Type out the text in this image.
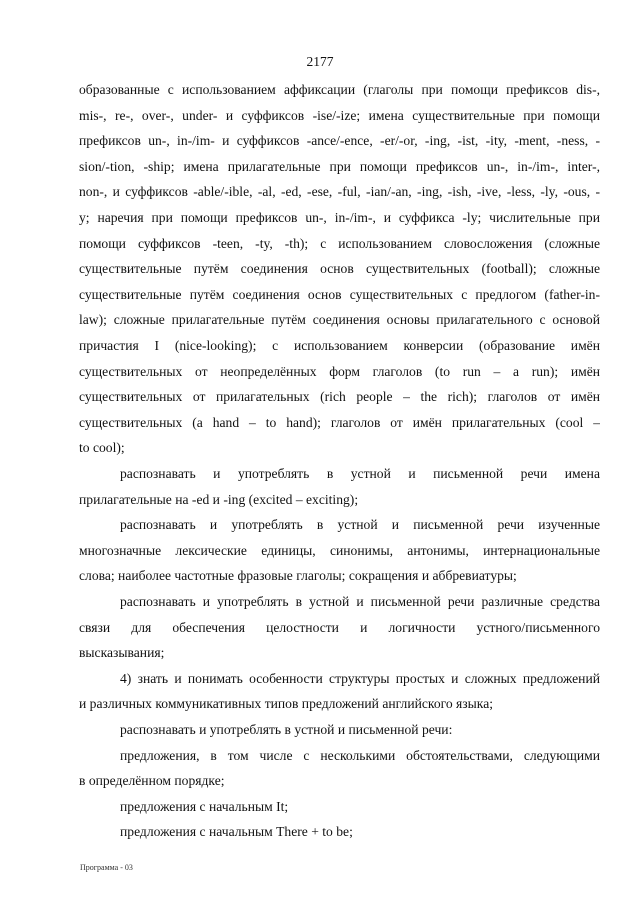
2177
образованные с использованием аффиксации (глаголы при помощи префиксов dis-,
mis-, re-, over-, under- и суффиксов -ise/-ize; имена существительные при помощи
префиксов un-, in-/im- и суффиксов -ance/-ence, -er/-or, -ing, -ist, -ity, -ment, -ness, -
sion/-tion, -ship; имена прилагательные при помощи префиксов un-, in-/im-, inter-,
non-, и суффиксов -able/-ible, -al, -ed, -ese, -ful, -ian/-an, -ing, -ish, -ive, -less, -ly, -ous, -
y; наречия при помощи префиксов un-, in-/im-, и суффикса -ly; числительные при
помощи суффиксов -teen, -ty, -th); с использованием словосложения (сложные
существительные путём соединения основ существительных (football); сложные
существительные путём соединения основ существительных с предлогом (father-in-
law); сложные прилагательные путём соединения основы прилагательного с основой
причастия I (nice-looking); с использованием конверсии (образование имён
существительных от неопределённых форм глаголов (to run – a run); имён
существительных от прилагательных (rich people – the rich); глаголов от имён
существительных (a hand – to hand); глаголов от имён прилагательных (cool –
to cool);
распознавать и употреблять в устной и письменной речи имена
прилагательные на -ed и -ing (excited – exciting);
распознавать и употреблять в устной и письменной речи изученные
многозначные лексические единицы, синонимы, антонимы, интернациональные
слова; наиболее частотные фразовые глаголы; сокращения и аббревиатуры;
распознавать и употреблять в устной и письменной речи различные средства
связи для обеспечения целостности и логичности устного/письменного
высказывания;
4) знать и понимать особенности структуры простых и сложных предложений
и различных коммуникативных типов предложений английского языка;
распознавать и употреблять в устной и письменной речи:
предложения, в том числе с несколькими обстоятельствами, следующими
в определённом порядке;
предложения с начальным It;
предложения с начальным There + to be;
Программа - 03
